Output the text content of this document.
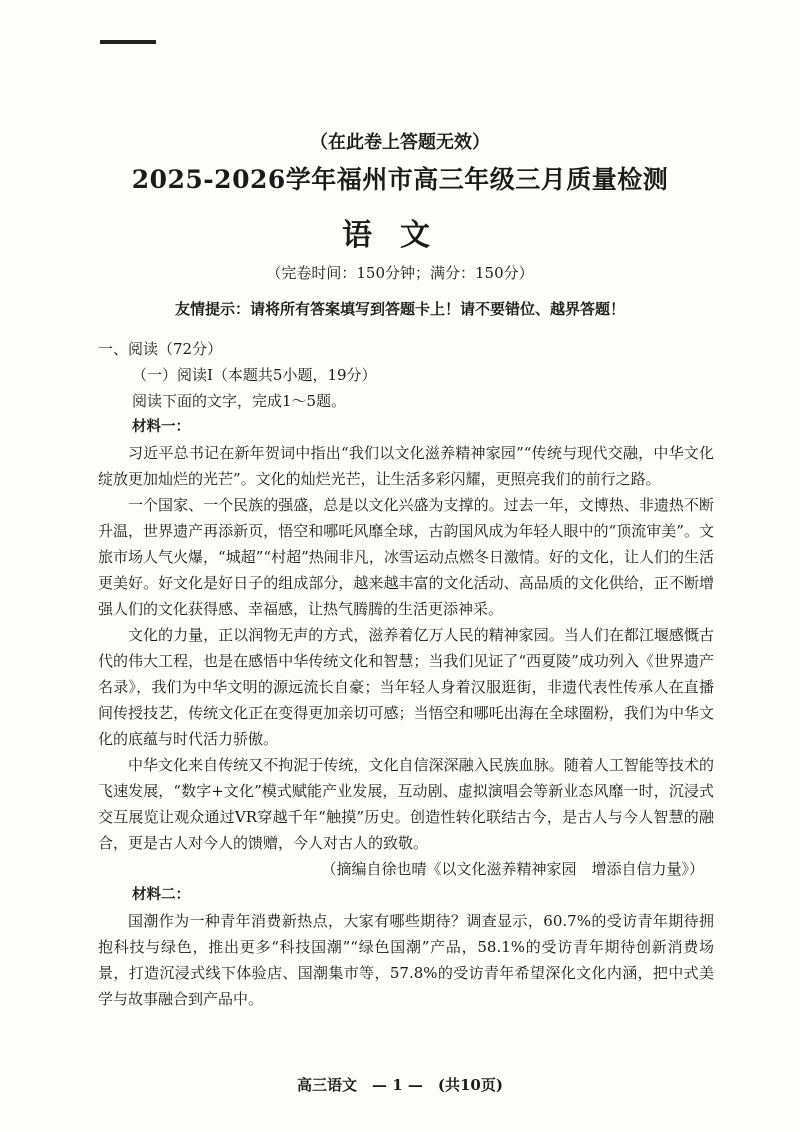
（在此卷上答题无效）
2025-2026学年福州市高三年级三月质量检测
语文
（完卷时间：150分钟；满分：150分）
友情提示：请将所有答案填写到答题卡上！请不要错位、越界答题！

一、阅读（72分）

（一）阅读Ⅰ（本题共5小题，19分）

阅读下面的文字，完成1～5题。

材料一：

习近平总书记在新年贺词中指出“我们以文化滋养精神家园”“传统与现代交融，中华文化绽放更加灿烂的光芒”。文化的灿烂光芒，让生活多彩闪耀，更照亮我们的前行之路。

一个国家、一个民族的强盛，总是以文化兴盛为支撑的。过去一年，文博热、非遗热不断升温，世界遗产再添新页，悟空和哪吒风靡全球，古韵国风成为年轻人眼中的“顶流审美”。文旅市场人气火爆，“城超”“村超”热闹非凡，冰雪运动点燃冬日激情。好的文化，让人们的生活更美好。好文化是好日子的组成部分，越来越丰富的文化活动、高品质的文化供给，正不断增强人们的文化获得感、幸福感，让热气腾腾的生活更添神采。

文化的力量，正以润物无声的方式，滋养着亿万人民的精神家园。当人们在都江堰感慨古代的伟大工程，也是在感悟中华传统文化和智慧；当我们见证了“西夏陵”成功列入《世界遗产名录》，我们为中华文明的源远流长自豪；当年轻人身着汉服逛街，非遗代表性传承人在直播间传授技艺，传统文化正在变得更加亲切可感；当悟空和哪吒出海在全球圈粉，我们为中华文化的底蕴与时代活力骄傲。

中华文化来自传统又不拘泥于传统，文化自信深深融入民族血脉。随着人工智能等技术的飞速发展，“数字+文化”模式赋能产业发展，互动剧、虚拟演唱会等新业态风靡一时，沉浸式交互展览让观众通过VR穿越千年“触摸”历史。创造性转化联结古今，是古人与今人智慧的融合，更是古人对今人的馈赠，今人对古人的致敬。

（摘编自徐也晴《以文化滋养精神家园　增添自信力量》）

材料二：

国潮作为一种青年消费新热点，大家有哪些期待？调查显示，60.7%的受访青年期待拥抱科技与绿色，推出更多“科技国潮”“绿色国潮”产品，58.1%的受访青年期待创新消费场景，打造沉浸式线下体验店、国潮集市等，57.8%的受访青年希望深化文化内涵，把中式美学与故事融合到产品中。

高三语文　— 1 —　(共10页)
